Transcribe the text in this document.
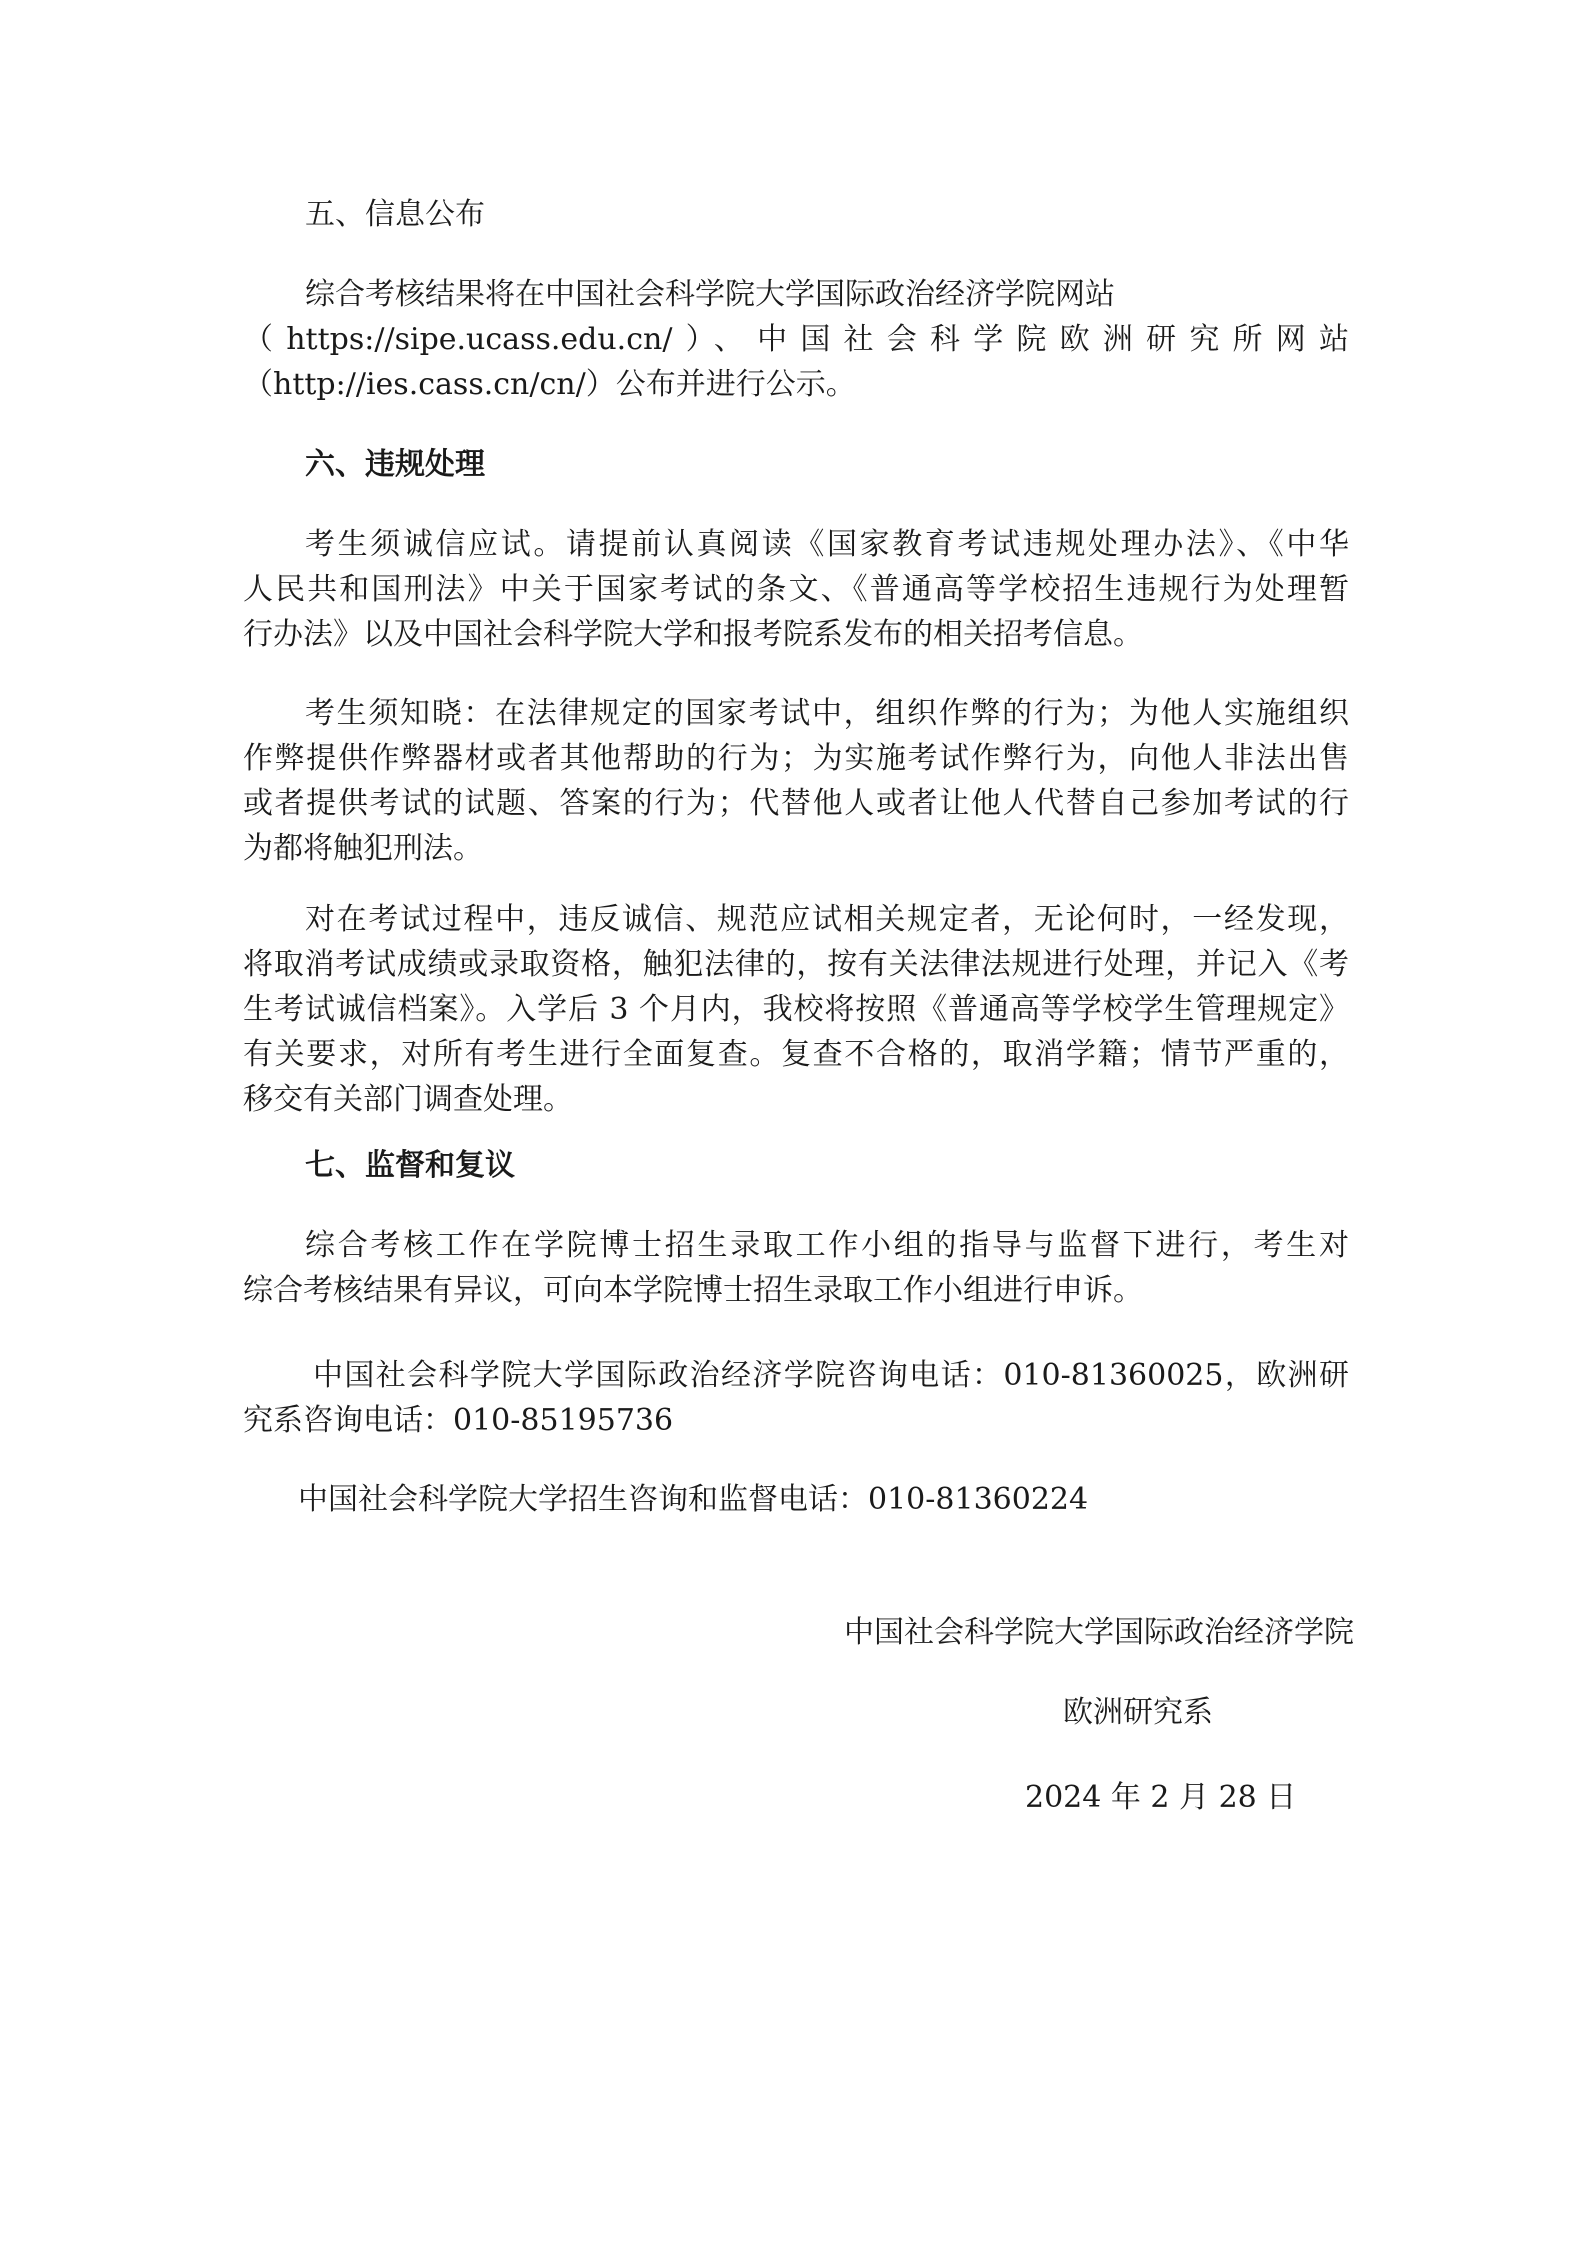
五、信息公布
综合考核结果将在中国社会科学院大学国际政治经济学院网站
（https://sipe.ucass.edu.cn/）、中国社会科学院欧洲研究所网站
（http://ies.cass.cn/cn/）公布并进行公示。
六、违规处理
考生须诚信应试。请提前认真阅读《国家教育考试违规处理办法》、《中华
人民共和国刑法》中关于国家考试的条文、《普通高等学校招生违规行为处理暂
行办法》以及中国社会科学院大学和报考院系发布的相关招考信息。
考生须知晓：在法律规定的国家考试中，组织作弊的行为；为他人实施组织
作弊提供作弊器材或者其他帮助的行为；为实施考试作弊行为，向他人非法出售
或者提供考试的试题、答案的行为；代替他人或者让他人代替自己参加考试的行
为都将触犯刑法。
对在考试过程中，违反诚信、规范应试相关规定者，无论何时，一经发现，
将取消考试成绩或录取资格，触犯法律的，按有关法律法规进行处理，并记入《考
生考试诚信档案》。入学后 3 个月内，我校将按照《普通高等学校学生管理规定》
有关要求，对所有考生进行全面复查。复查不合格的，取消学籍；情节严重的，
移交有关部门调查处理。
七、监督和复议
综合考核工作在学院博士招生录取工作小组的指导与监督下进行，考生对
综合考核结果有异议，可向本学院博士招生录取工作小组进行申诉。
中国社会科学院大学国际政治经济学院咨询电话：010-81360025，欧洲研
究系咨询电话：010-85195736
中国社会科学院大学招生咨询和监督电话：010-81360224
中国社会科学院大学国际政治经济学院
欧洲研究系
2024 年 2 月 28 日
